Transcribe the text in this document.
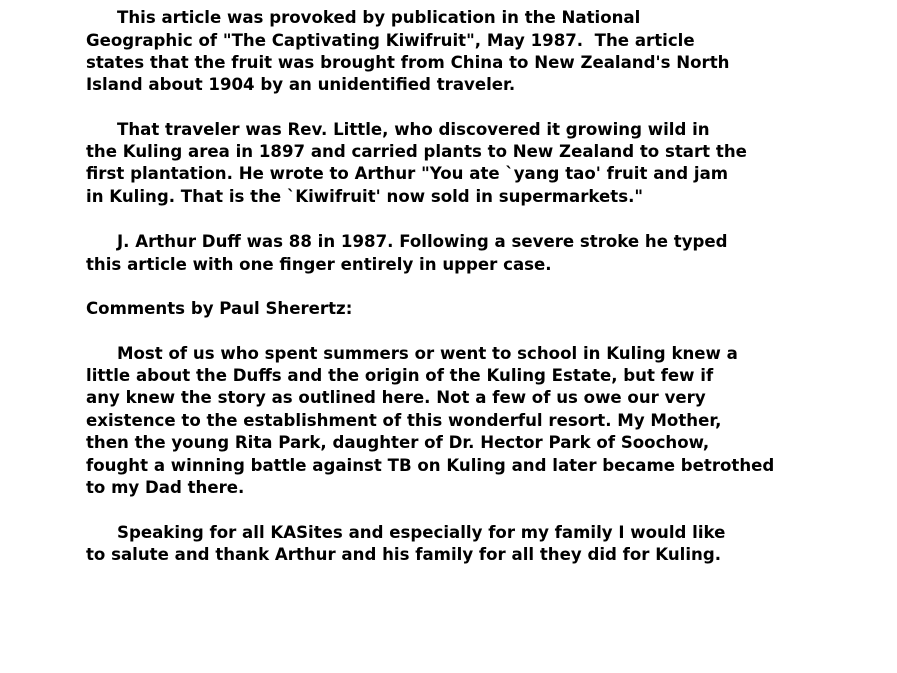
This article was provoked by publication in the National
Geographic of "The Captivating Kiwifruit", May 1987.  The article
states that the fruit was brought from China to New Zealand's North
Island about 1904 by an unidentified traveler.
That traveler was Rev. Little, who discovered it growing wild in
the Kuling area in 1897 and carried plants to New Zealand to start the
first plantation. He wrote to Arthur "You ate `yang tao' fruit and jam
in Kuling. That is the `Kiwifruit' now sold in supermarkets."
J. Arthur Duff was 88 in 1987. Following a severe stroke he typed
this article with one finger entirely in upper case.
Comments by Paul Sherertz:
Most of us who spent summers or went to school in Kuling knew a
little about the Duffs and the origin of the Kuling Estate, but few if
any knew the story as outlined here. Not a few of us owe our very
existence to the establishment of this wonderful resort. My Mother,
then the young Rita Park, daughter of Dr. Hector Park of Soochow,
fought a winning battle against TB on Kuling and later became betrothed
to my Dad there.
Speaking for all KASites and especially for my family I would like
to salute and thank Arthur and his family for all they did for Kuling.
